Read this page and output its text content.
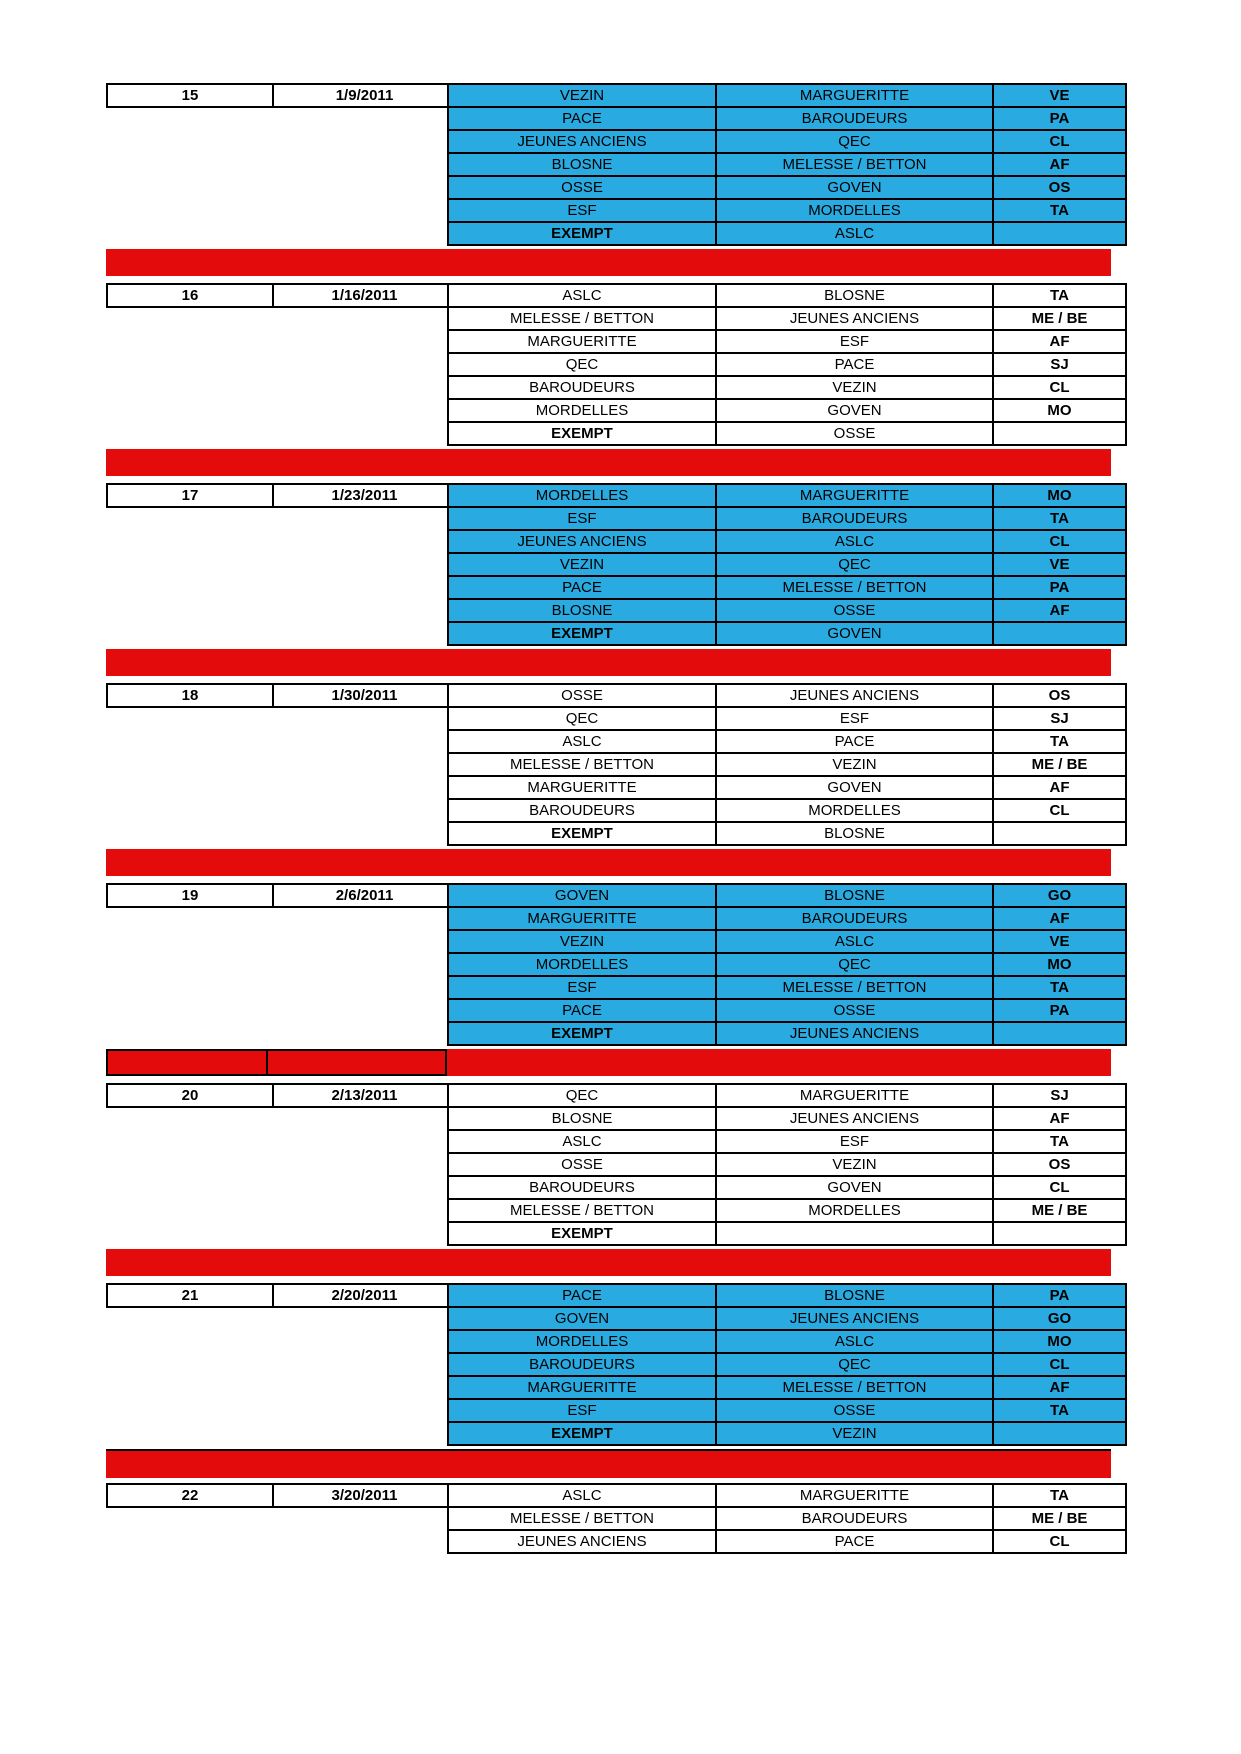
15	1/9/2011	VEZIN	MARGUERITTE	VE
PACE	BAROUDEURS	PA
JEUNES ANCIENS	QEC	CL
BLOSNE	MELESSE / BETTON	AF
OSSE	GOVEN	OS
ESF	MORDELLES	TA
EXEMPT	ASLC	
16	1/16/2011	ASLC	BLOSNE	TA
MELESSE / BETTON	JEUNES ANCIENS	ME / BE
MARGUERITTE	ESF	AF
QEC	PACE	SJ
BAROUDEURS	VEZIN	CL
MORDELLES	GOVEN	MO
EXEMPT	OSSE	
17	1/23/2011	MORDELLES	MARGUERITTE	MO
ESF	BAROUDEURS	TA
JEUNES ANCIENS	ASLC	CL
VEZIN	QEC	VE
PACE	MELESSE / BETTON	PA
BLOSNE	OSSE	AF
EXEMPT	GOVEN	
18	1/30/2011	OSSE	JEUNES ANCIENS	OS
QEC	ESF	SJ
ASLC	PACE	TA
MELESSE / BETTON	VEZIN	ME / BE
MARGUERITTE	GOVEN	AF
BAROUDEURS	MORDELLES	CL
EXEMPT	BLOSNE	
19	2/6/2011	GOVEN	BLOSNE	GO
MARGUERITTE	BAROUDEURS	AF
VEZIN	ASLC	VE
MORDELLES	QEC	MO
ESF	MELESSE / BETTON	TA
PACE	OSSE	PA
EXEMPT	JEUNES ANCIENS	
20	2/13/2011	QEC	MARGUERITTE	SJ
BLOSNE	JEUNES ANCIENS	AF
ASLC	ESF	TA
OSSE	VEZIN	OS
BAROUDEURS	GOVEN	CL
MELESSE / BETTON	MORDELLES	ME / BE
EXEMPT		
21	2/20/2011	PACE	BLOSNE	PA
GOVEN	JEUNES ANCIENS	GO
MORDELLES	ASLC	MO
BAROUDEURS	QEC	CL
MARGUERITTE	MELESSE / BETTON	AF
ESF	OSSE	TA
EXEMPT	VEZIN	
22	3/20/2011	ASLC	MARGUERITTE	TA
MELESSE / BETTON	BAROUDEURS	ME / BE
JEUNES ANCIENS	PACE	CL
